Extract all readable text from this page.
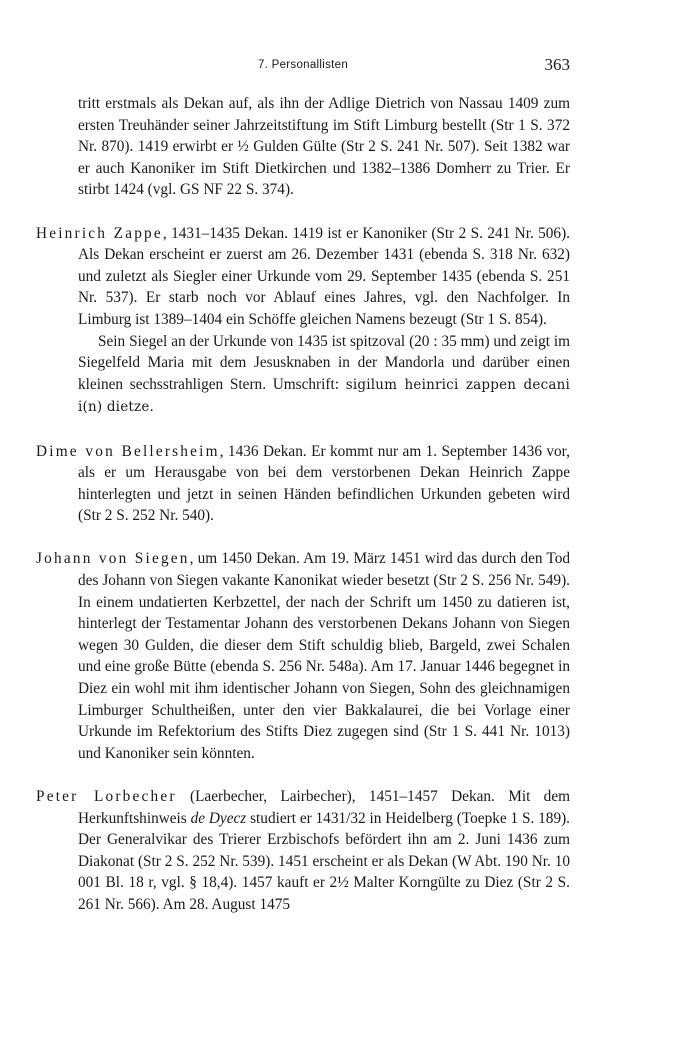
7. Personallisten	363

tritt erstmals als Dekan auf, als ihn der Adlige Dietrich von Nassau 1409 zum ersten Treuhänder seiner Jahrzeitstiftung im Stift Limburg bestellt (Str 1 S. 372 Nr. 870). 1419 erwirbt er ½ Gulden Gülte (Str 2 S. 241 Nr. 507). Seit 1382 war er auch Kanoniker im Stift Dietkirchen und 1382–1386 Domherr zu Trier. Er stirbt 1424 (vgl. GS NF 22 S. 374).

Heinrich Zappe, 1431–1435 Dekan. 1419 ist er Kanoniker (Str 2 S. 241 Nr. 506). Als Dekan erscheint er zuerst am 26. Dezember 1431 (ebenda S. 318 Nr. 632) und zuletzt als Siegler einer Urkunde vom 29. September 1435 (ebenda S. 251 Nr. 537). Er starb noch vor Ablauf eines Jahres, vgl. den Nachfolger. In Limburg ist 1389–1404 ein Schöffe gleichen Namens bezeugt (Str 1 S. 854).

Sein Siegel an der Urkunde von 1435 ist spitzoval (20 : 35 mm) und zeigt im Siegelfeld Maria mit dem Jesusknaben in der Mandorla und darüber einen kleinen sechsstrahligen Stern. Umschrift: sigilum heinrici zappen decani i(n) dietze.

Dime von Bellersheim, 1436 Dekan. Er kommt nur am 1. September 1436 vor, als er um Herausgabe von bei dem verstorbenen Dekan Heinrich Zappe hinterlegten und jetzt in seinen Händen befindlichen Urkunden gebeten wird (Str 2 S. 252 Nr. 540).

Johann von Siegen, um 1450 Dekan. Am 19. März 1451 wird das durch den Tod des Johann von Siegen vakante Kanonikat wieder besetzt (Str 2 S. 256 Nr. 549). In einem undatierten Kerbzettel, der nach der Schrift um 1450 zu datieren ist, hinterlegt der Testamentar Johann des verstorbenen Dekans Johann von Siegen wegen 30 Gulden, die dieser dem Stift schuldig blieb, Bargeld, zwei Schalen und eine große Bütte (ebenda S. 256 Nr. 548a). Am 17. Januar 1446 begegnet in Diez ein wohl mit ihm identischer Johann von Siegen, Sohn des gleichnamigen Limburger Schultheißen, unter den vier Bakkalaurei, die bei Vorlage einer Urkunde im Refektorium des Stifts Diez zugegen sind (Str 1 S. 441 Nr. 1013) und Kanoniker sein könnten.

Peter Lorbecher (Laerbecher, Lairbecher), 1451–1457 Dekan. Mit dem Herkunftshinweis de Dyecz studiert er 1431/32 in Heidelberg (Toepke 1 S. 189). Der Generalvikar des Trierer Erzbischofs befördert ihn am 2. Juni 1436 zum Diakonat (Str 2 S. 252 Nr. 539). 1451 erscheint er als Dekan (W Abt. 190 Nr. 10 001 Bl. 18 r, vgl. § 18,4). 1457 kauft er 2½ Malter Korngülte zu Diez (Str 2 S. 261 Nr. 566). Am 28. August 1475
